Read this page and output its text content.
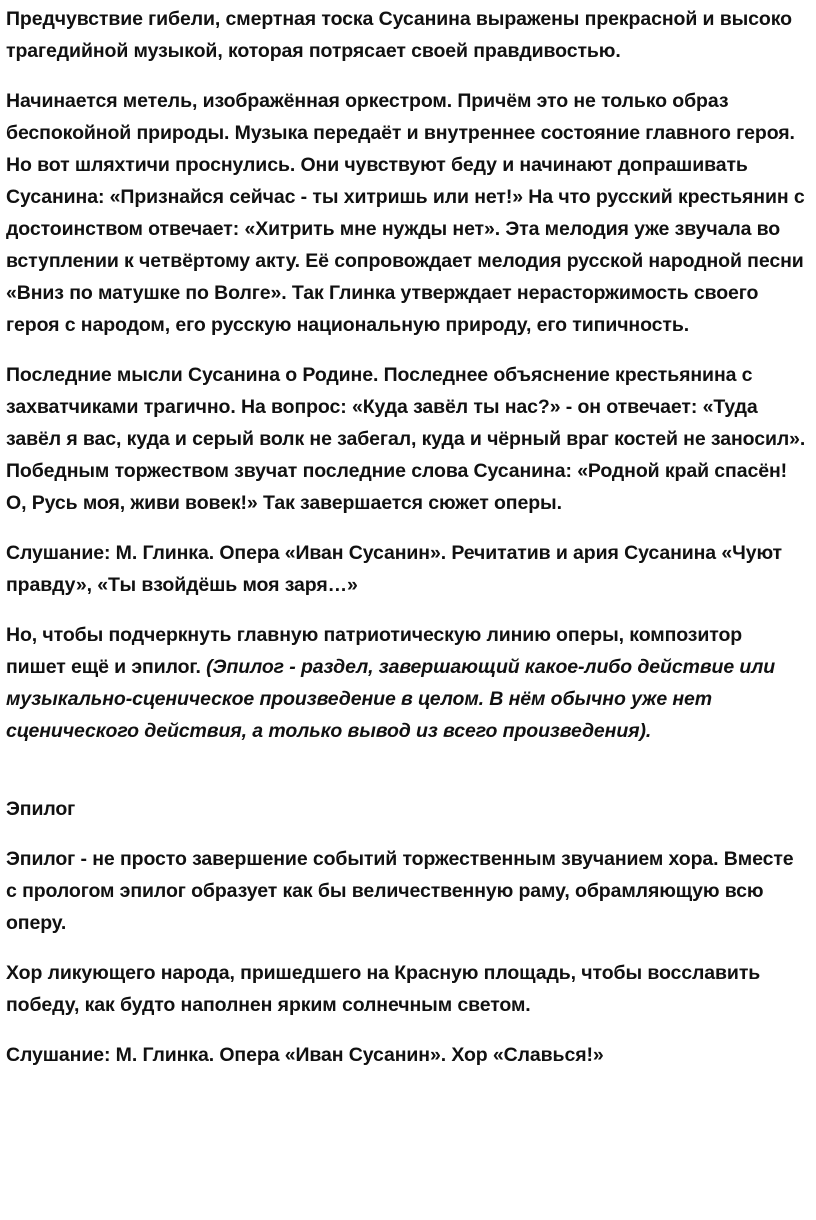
Предчувствие гибели, смертная тоска Сусанина выражены прекрасной и высоко трагедийной музыкой, которая потрясает своей правдивостью.

Начинается метель, изображённая оркестром. Причём это не только образ беспокойной природы. Музыка передаёт и внутреннее состояние главного героя. Но вот шляхтичи проснулись. Они чувствуют беду и начинают допрашивать Сусанина: «Признайся сейчас - ты хитришь или нет!» На что русский крестьянин с достоинством отвечает: «Хитрить мне нужды нет». Эта мелодия уже звучала во вступлении к четвёртому акту. Её сопровождает мелодия русской народной песни «Вниз по матушке по Волге». Так Глинка утверждает нерасторжимость своего героя с народом, его русскую национальную природу, его типичность.

Последние мысли Сусанина о Родине. Последнее объяснение крестьянина с захватчиками трагично. На вопрос: «Куда завёл ты нас?» - он отвечает: «Туда завёл я вас, куда и серый волк не забегал, куда и чёрный враг костей не заносил». Победным торжеством звучат последние слова Сусанина: «Родной край спасён! О, Русь моя, живи вовек!» Так завершается сюжет оперы.

Слушание: М. Глинка. Опера «Иван Сусанин». Речитатив и ария Сусанина «Чуют правду», «Ты взойдёшь моя заря…»

Но, чтобы подчеркнуть главную патриотическую линию оперы, композитор пишет ещё и эпилог. (Эпилог - раздел, завершающий какое-либо действие или музыкально-сценическое произведение в целом. В нём обычно уже нет сценического действия, а только вывод из всего произведения).

Эпилог

Эпилог - не просто завершение событий торжественным звучанием хора. Вместе с прологом эпилог образует как бы величественную раму, обрамляющую всю оперу.

Хор ликующего народа, пришедшего на Красную площадь, чтобы восславить победу, как будто наполнен ярким солнечным светом.

Слушание: М. Глинка. Опера «Иван Сусанин». Хор «Славься!»
